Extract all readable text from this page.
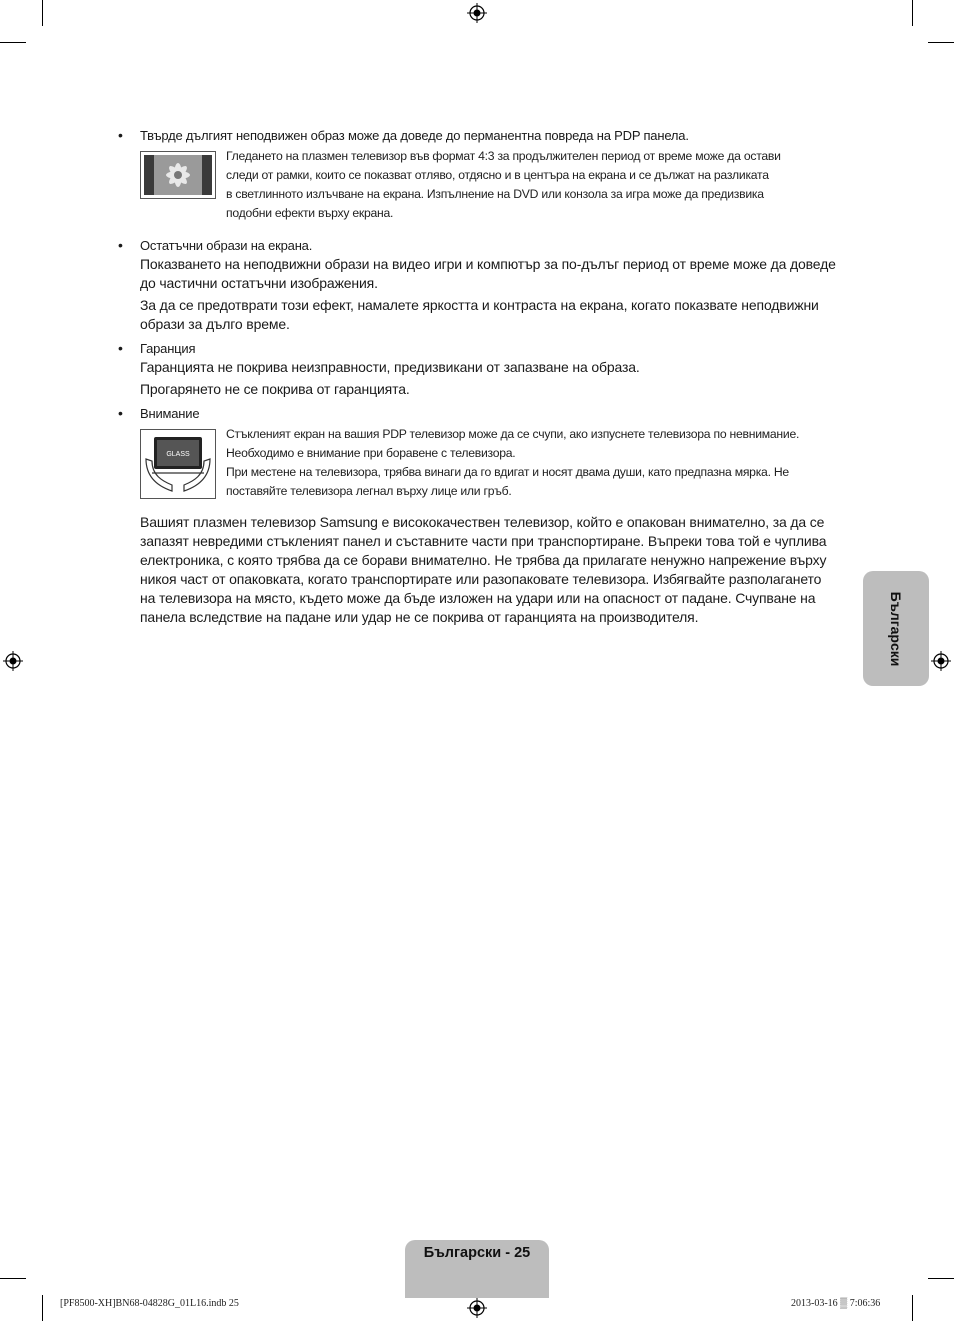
• Твърде дългият неподвижен образ може да доведе до перманентна повреда на PDP панела.
Гледането на плазмен телевизор във формат 4:3 за продължителен период от време може да остави
следи от рамки, които се показват отляво, отдясно и в центъра на екрана и се дължат на разликата
в светлинното излъчване на екрана. Изпълнение на DVD или конзола за игра може да предизвика
подобни ефекти върху екрана.
• Остатъчни образи на екрана.

Показването на неподвижни образи на видео игри и компютър за по-дълъг период от време може да доведе до частични остатъчни изображения.

За да се предотврати този ефект, намалете яркостта и контраста на екрана, когато показвате неподвижни образи за дълго време.

• Гаранция

Гаранцията не покрива неизправности, предизвикани от запазване на образа.

Прогарянето не се покрива от гаранцията.

• Внимание
GLASS
Стъкленият екран на вашия PDP телевизор може да се счупи, ако изпуснете телевизора по невнимание.
Необходимо е внимание при боравене с телевизора.
При местене на телевизора, трябва винаги да го вдигат и носят двама души, като предпазна мярка. Не
поставяйте телевизора легнал върху лице или гръб.

Вашият плазмен телевизор Samsung е висококачествен телевизор, който е опакован внимателно, за да се запазят невредими стъкленият панел и съставните части при транспортиране. Въпреки това той е чуплива електроника, с която трябва да се борави внимателно. Не трябва да прилагате ненужно напрежение върху никоя част от опаковката, когато транспортирате или разопаковате телевизора. Избягвайте разполагането на телевизора на място, където може да бъде изложен на удари или на опасност от падане. Счупване на панела вследствие на падане или удар не се покрива от гаранцията на производителя.	Български
Български - 25
[PF8500-XH]BN68-04828G_01L16.indb 25	2013-03-16 ▒ 7:06:36
